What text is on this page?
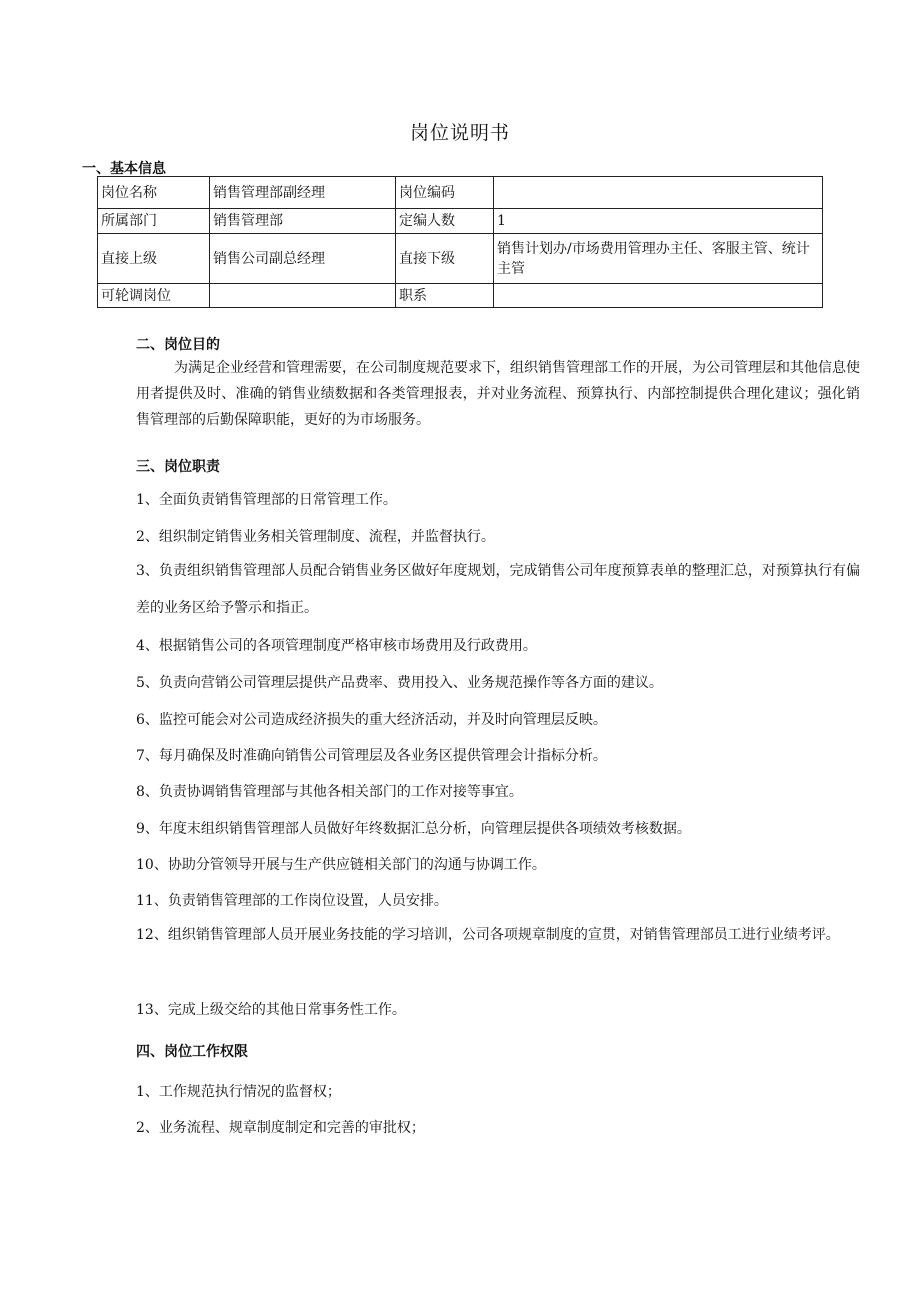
岗位说明书
一、基本信息
岗位名称	销售管理部副经理	岗位编码	
所属部门	销售管理部	定编人数	1
直接上级	销售公司副总经理	直接下级	销售计划办/市场费用管理办主任、客服主管、统计主管
可轮调岗位		职系	
二、岗位目的
为满足企业经营和管理需要，在公司制度规范要求下，组织销售管理部工作的开展，为公司管理层和其他信息使用者提供及时、准确的销售业绩数据和各类管理报表，并对业务流程、预算执行、内部控制提供合理化建议；强化销售管理部的后勤保障职能，更好的为市场服务。
三、岗位职责
1、全面负责销售管理部的日常管理工作。
2、组织制定销售业务相关管理制度、流程，并监督执行。
3、负责组织销售管理部人员配合销售业务区做好年度规划，完成销售公司年度预算表单的整理汇总，对预算执行有偏差的业务区给予警示和指正。
4、根据销售公司的各项管理制度严格审核市场费用及行政费用。
5、负责向营销公司管理层提供产品费率、费用投入、业务规范操作等各方面的建议。
6、监控可能会对公司造成经济损失的重大经济活动，并及时向管理层反映。
7、每月确保及时准确向销售公司管理层及各业务区提供管理会计指标分析。
8、负责协调销售管理部与其他各相关部门的工作对接等事宜。
9、年度末组织销售管理部人员做好年终数据汇总分析，向管理层提供各项绩效考核数据。
10、协助分管领导开展与生产供应链相关部门的沟通与协调工作。
11、负责销售管理部的工作岗位设置，人员安排。
12、组织销售管理部人员开展业务技能的学习培训，公司各项规章制度的宣贯，对销售管理部员工进行业绩考评。
13、完成上级交给的其他日常事务性工作。
四、岗位工作权限
1、工作规范执行情况的监督权；
2、业务流程、规章制度制定和完善的审批权；
